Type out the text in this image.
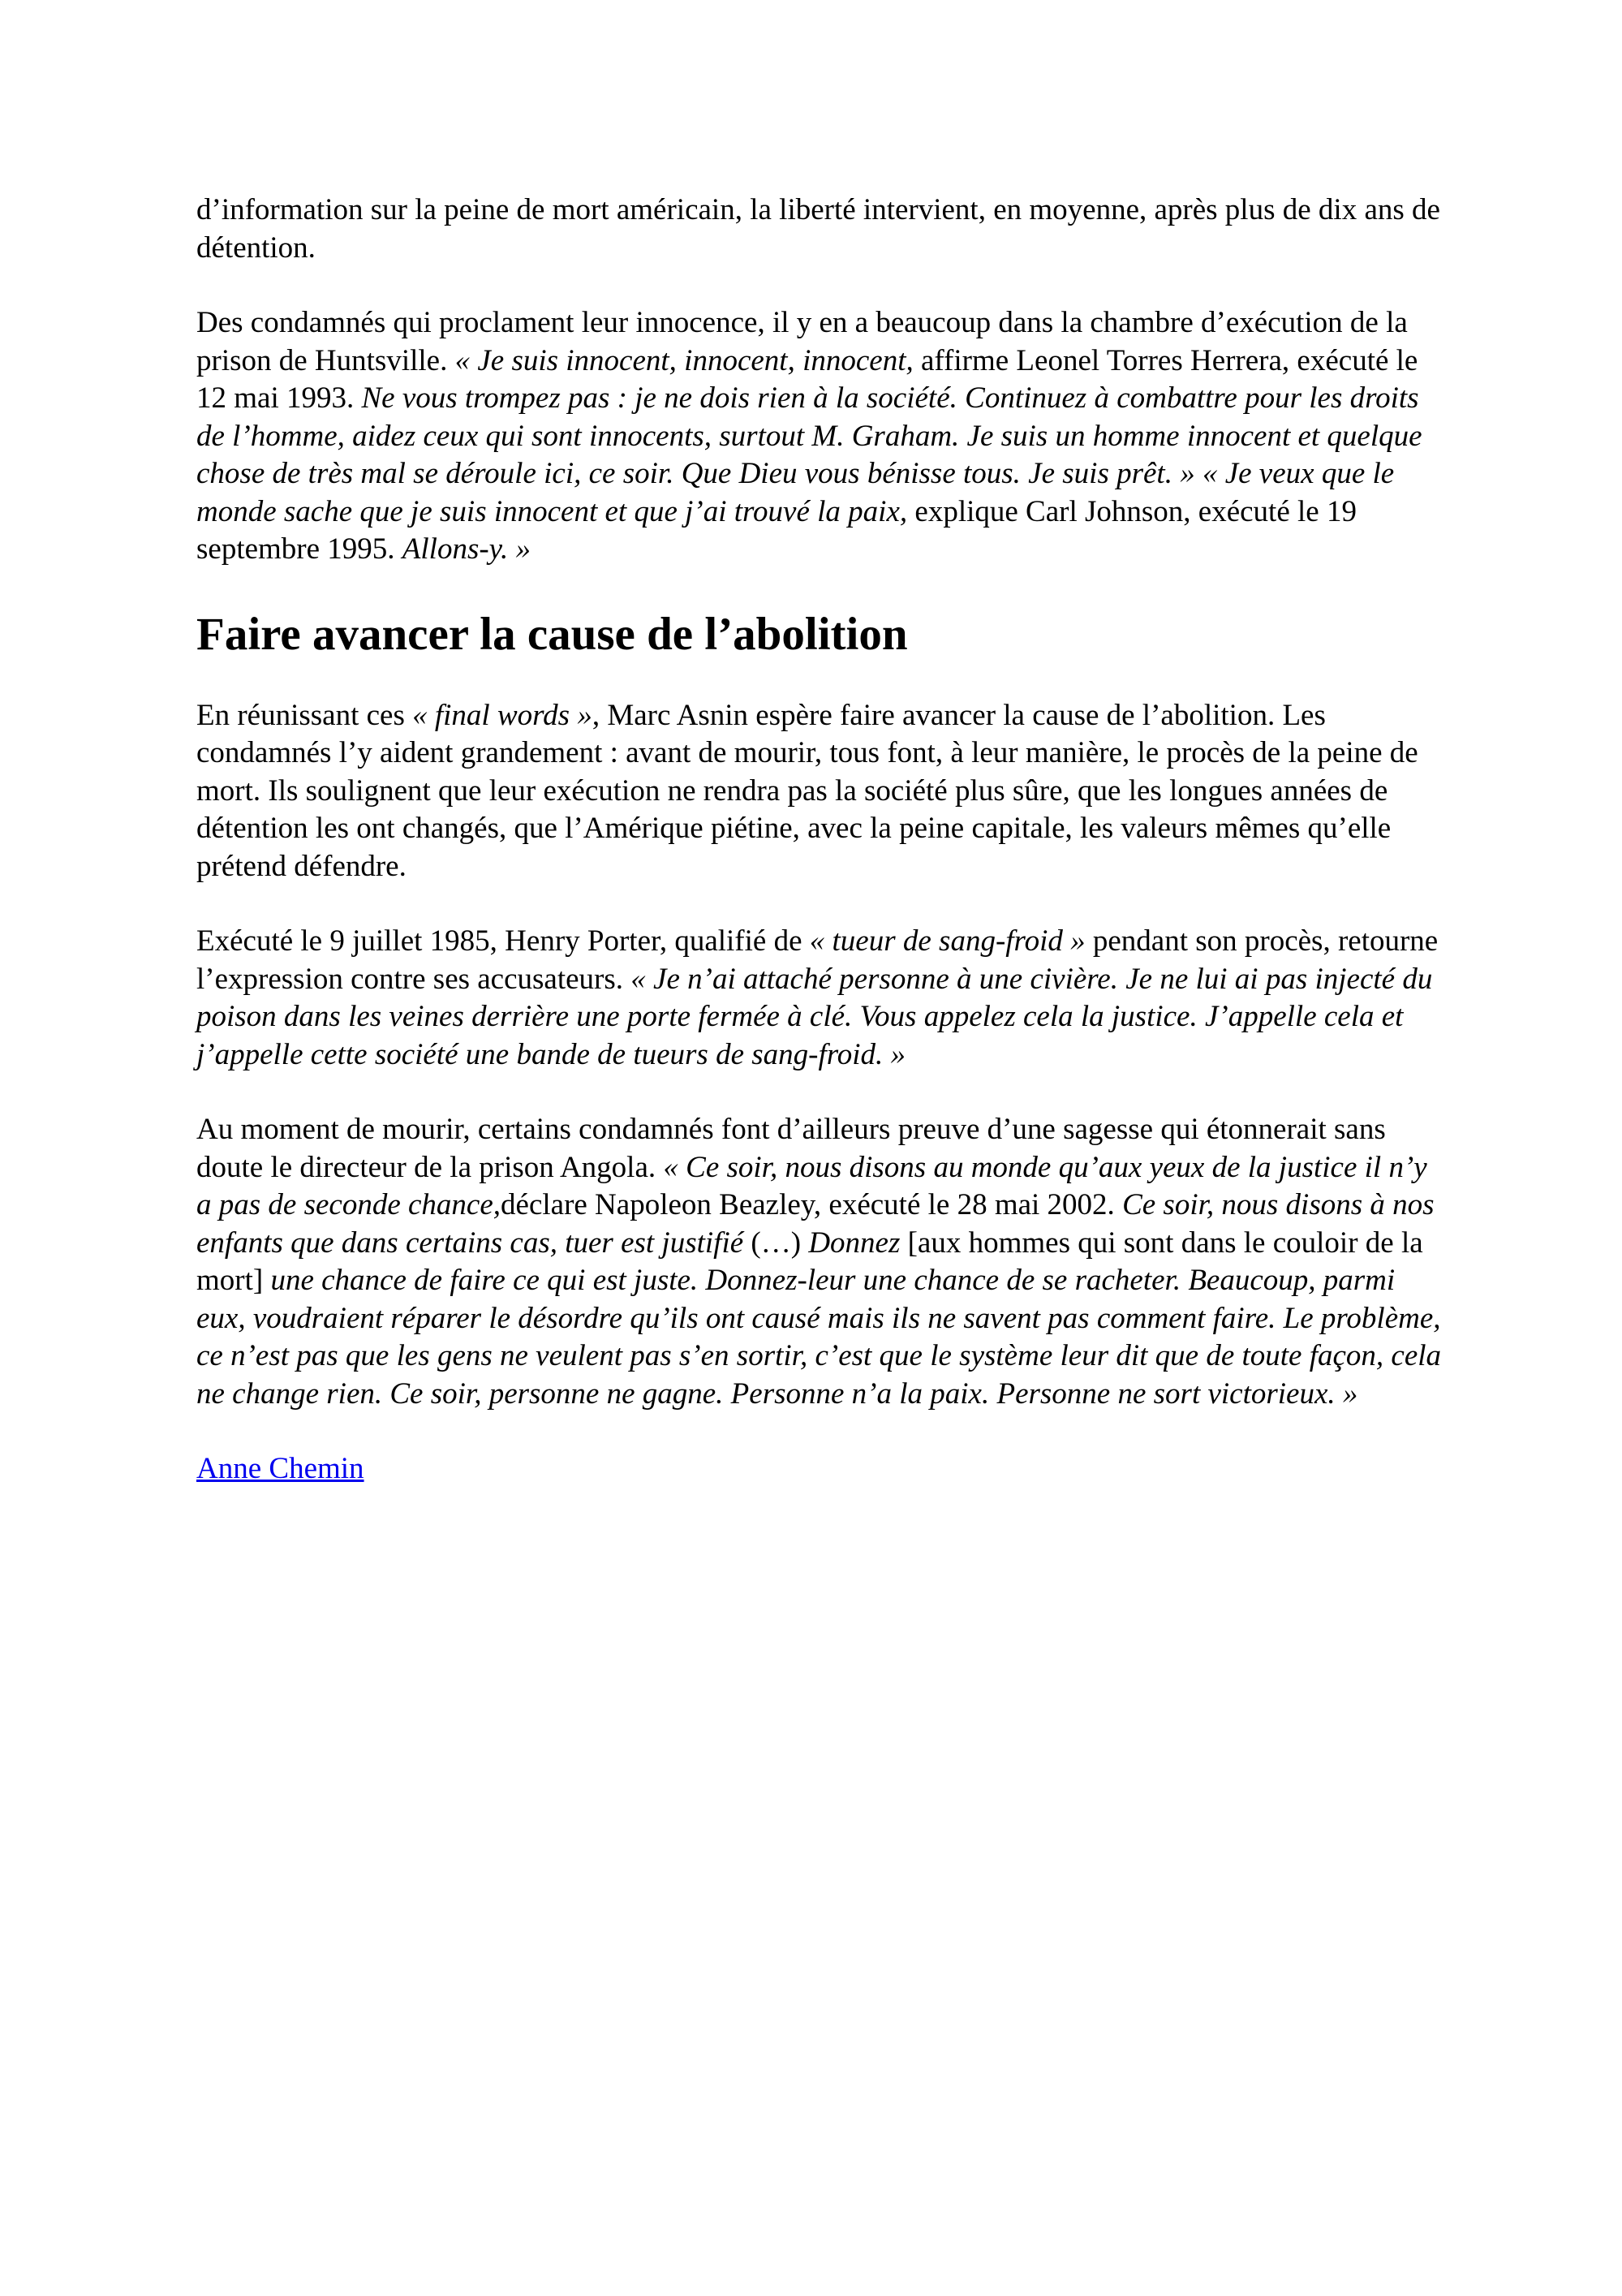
d’information sur la peine de mort américain, la liberté intervient, en moyenne, après plus de dix ans de détention.

Des condamnés qui proclament leur innocence, il y en a beaucoup dans la chambre d’exécution de la prison de Huntsville. « Je suis innocent, innocent, innocent, affirme Leonel Torres Herrera, exécuté le 12 mai 1993. Ne vous trompez pas : je ne dois rien à la société. Continuez à combattre pour les droits de l’homme, aidez ceux qui sont innocents, surtout M. Graham. Je suis un homme innocent et quelque chose de très mal se déroule ici, ce soir. Que Dieu vous bénisse tous. Je suis prêt. » « Je veux que le monde sache que je suis innocent et que j’ai trouvé la paix, explique Carl Johnson, exécuté le 19 septembre 1995. Allons-y. »

Faire avancer la cause de l’abolition

En réunissant ces « final words », Marc Asnin espère faire avancer la cause de l’abolition. Les condamnés l’y aident grandement : avant de mourir, tous font, à leur manière, le procès de la peine de mort. Ils soulignent que leur exécution ne rendra pas la société plus sûre, que les longues années de détention les ont changés, que l’Amérique piétine, avec la peine capitale, les valeurs mêmes qu’elle prétend défendre.

Exécuté le 9 juillet 1985, Henry Porter, qualifié de « tueur de sang-froid » pendant son procès, retourne l’expression contre ses accusateurs. « Je n’ai attaché personne à une civière. Je ne lui ai pas injecté du poison dans les veines derrière une porte fermée à clé. Vous appelez cela la justice. J’appelle cela et j’appelle cette société une bande de tueurs de sang-froid. »

Au moment de mourir, certains condamnés font d’ailleurs preuve d’une sagesse qui étonnerait sans doute le directeur de la prison Angola. « Ce soir, nous disons au monde qu’aux yeux de la justice il n’y a pas de seconde chance,déclare Napoleon Beazley, exécuté le 28 mai 2002. Ce soir, nous disons à nos enfants que dans certains cas, tuer est justifié (…) Donnez [aux hommes qui sont dans le couloir de la mort] une chance de faire ce qui est juste. Donnez-leur une chance de se racheter. Beaucoup, parmi eux, voudraient réparer le désordre qu’ils ont causé mais ils ne savent pas comment faire. Le problème, ce n’est pas que les gens ne veulent pas s’en sortir, c’est que le système leur dit que de toute façon, cela ne change rien. Ce soir, personne ne gagne. Personne n’a la paix. Personne ne sort victorieux. »

Anne Chemin
